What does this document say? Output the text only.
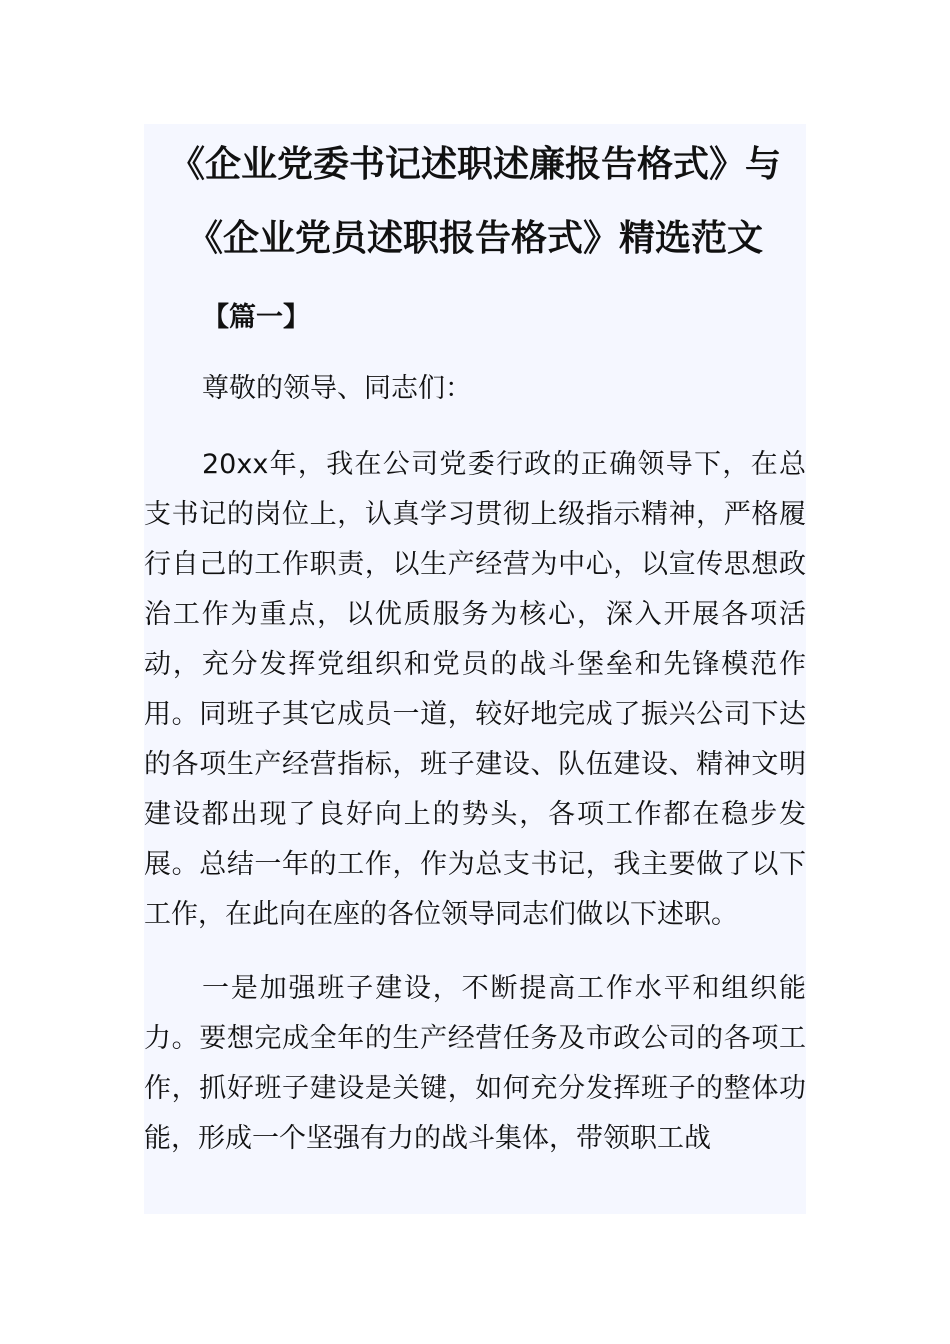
《企业党委书记述职述廉报告格式》与
《企业党员述职报告格式》精选范文

【篇一】

尊敬的领导、同志们：

20xx年，我在公司党委行政的正确领导下，在总支书记的岗位上，认真学习贯彻上级指示精神，严格履行自己的工作职责，以生产经营为中心，以宣传思想政治工作为重点，以优质服务为核心，深入开展各项活动，充分发挥党组织和党员的战斗堡垒和先锋模范作用。同班子其它成员一道，较好地完成了振兴公司下达的各项生产经营指标，班子建设、队伍建设、精神文明建设都出现了良好向上的势头，各项工作都在稳步发展。总结一年的工作，作为总支书记，我主要做了以下工作，在此向在座的各位领导同志们做以下述职。

一是加强班子建设，不断提高工作水平和组织能力。要想完成全年的生产经营任务及市政公司的各项工作，抓好班子建设是关键，如何充分发挥班子的整体功能，形成一个坚强有力的战斗集体，带领职工战
